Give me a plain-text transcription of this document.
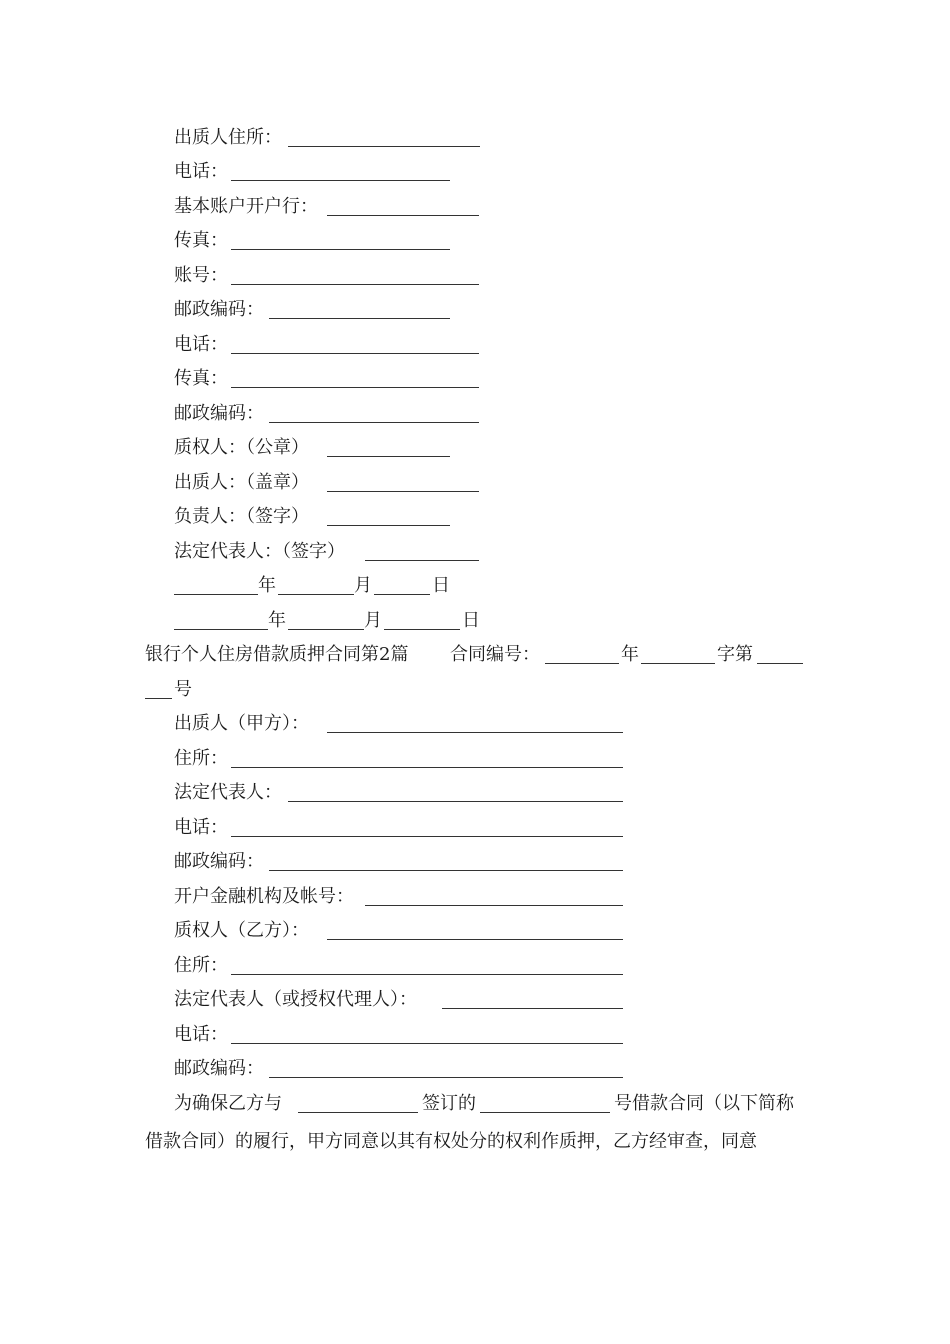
出质人住所：
电话：
基本账户开户行：
传真：
账号：
邮政编码：
电话：
传真：
邮政编码：
质权人：（公章）
出质人：（盖章）
负责人：（签字）
法定代表人：（签字）
年	月	日
年	月	日
银行个人住房借款质押合同第2篇 合同编号：	年	字第
号
出质人（甲方）：
住所：
法定代表人：
电话：
邮政编码：
开户金融机构及帐号：
质权人（乙方）：
住所：
法定代表人（或授权代理人）：
电话：
邮政编码：
为确保乙方与	签订的	号借款合同（以下简称
借款合同）的履行，甲方同意以其有权处分的权利作质押，乙方经审查，同意
